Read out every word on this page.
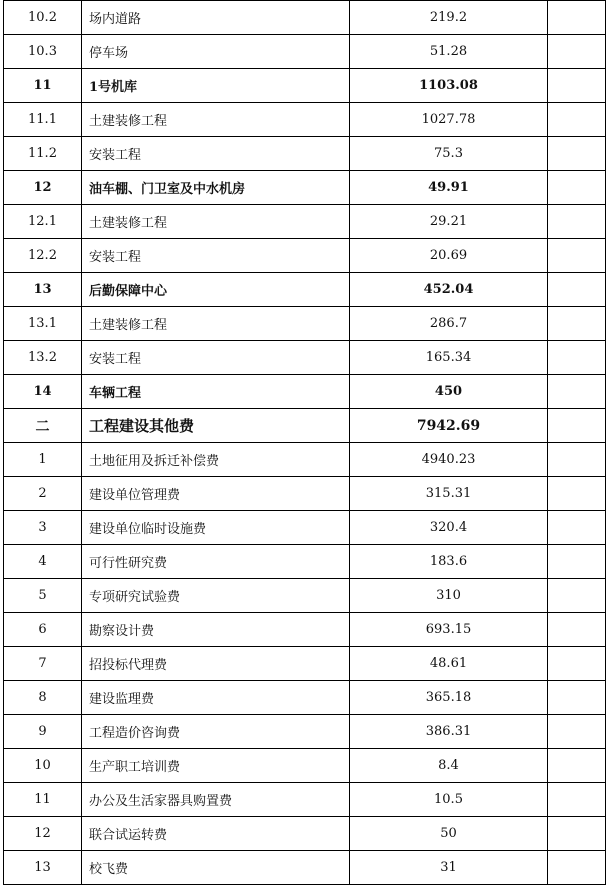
10.2	场内道路	219.2	
10.3	停车场	51.28	
11	1号机库	1103.08	
11.1	土建装修工程	1027.78	
11.2	安装工程	75.3	
12	油车棚、门卫室及中水机房	49.91	
12.1	土建装修工程	29.21	
12.2	安装工程	20.69	
13	后勤保障中心	452.04	
13.1	土建装修工程	286.7	
13.2	安装工程	165.34	
14	车辆工程	450	
二	工程建设其他费	7942.69	
1	土地征用及拆迁补偿费	4940.23	
2	建设单位管理费	315.31	
3	建设单位临时设施费	320.4	
4	可行性研究费	183.6	
5	专项研究试验费	310	
6	勘察设计费	693.15	
7	招投标代理费	48.61	
8	建设监理费	365.18	
9	工程造价咨询费	386.31	
10	生产职工培训费	8.4	
11	办公及生活家器具购置费	10.5	
12	联合试运转费	50	
13	校飞费	31	
